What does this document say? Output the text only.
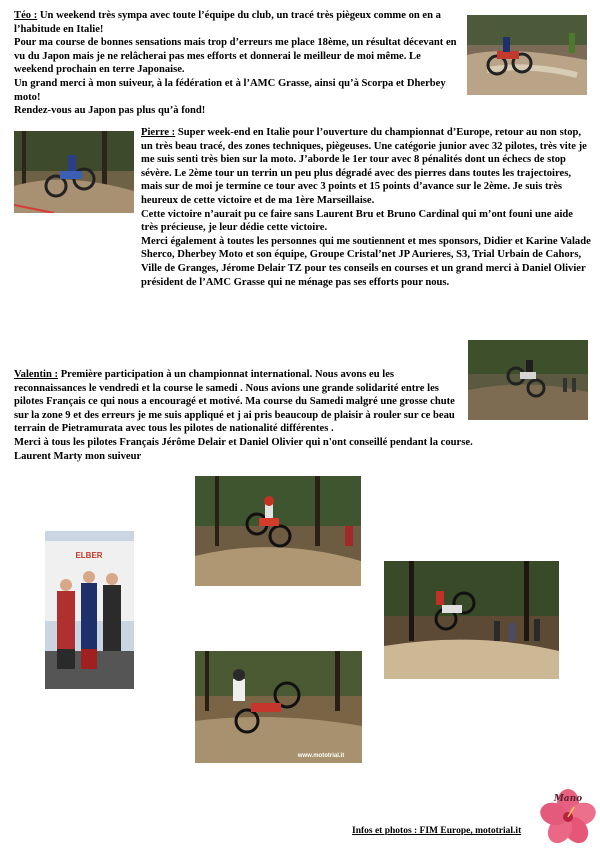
Téo : Un weekend très sympa avec toute l’équipe du club, un tracé très piègeux comme on en a l’habitude en Italie!

Pour ma course de bonnes sensations mais trop d’erreurs me place 18ème, un résultat décevant en vu du Japon mais je ne relâcherai pas mes efforts et donnerai le meilleur de moi même. Le weekend prochain en terre Japonaise.

Un grand merci à mon suiveur, à la fédération et à l’AMC Grasse, ainsi qu’à Scorpa et Dherbey moto!

Rendez-vous au Japon pas plus qu’à fond!

Pierre : Super week-end en Italie pour l’ouverture du championnat d’Europe, retour au non stop, un très beau tracé, des zones techniques, piègeuses. Une catégorie junior avec 32 pilotes, très vite je me suis senti très bien sur la moto. J’aborde le 1er tour avec 8 pénalités dont un échecs de stop sévère. Le 2ème tour un terrin un peu plus dégradé avec des pierres dans toutes les trajectoires, mais sur de moi je termine ce tour avec 3 points et 15 points d’avance sur le 2ème. Je suis très heureux de cette victoire et de ma 1ère Marseillaise.

Cette victoire n’aurait pu ce faire sans Laurent Bru et Bruno Cardinal qui m’ont founi une aide très précieuse, je leur dédie cette victoire.

Merci également à toutes les personnes qui me soutiennent et mes sponsors, Didier et Karine Valade Sherco, Dherbey Moto et son équipe, Groupe Cristal’net JP Aurieres, S3, Trial Urbain de Cahors, Ville de Granges, Jérome Delair TZ pour tes conseils en courses et un grand merci à Daniel Olivier président de l’AMC Grasse qui ne ménage pas ses efforts pour nous.

Valentin : Première participation à un championnat international. Nous avons eu les reconnaissances le vendredi et la course le samedi . Nous avions une grande solidarité entre les pilotes Français ce qui nous a encouragé et motivé. Ma course du Samedi malgré une grosse chute sur la zone 9 et des erreurs je me suis appliqué et j ai pris beaucoup de plaisir à rouler sur ce beau terrain de Pietramurata avec tous les pilotes de nationalité différentes .

Merci à tous les pilotes Français Jérôme Delair et Daniel Olivier qui n'ont conseillé pendant la course.

Laurent Marty mon suiveur

ELBER
www.mototrial.it
Mano
Infos et photos : FIM Europe, mototrial.it
